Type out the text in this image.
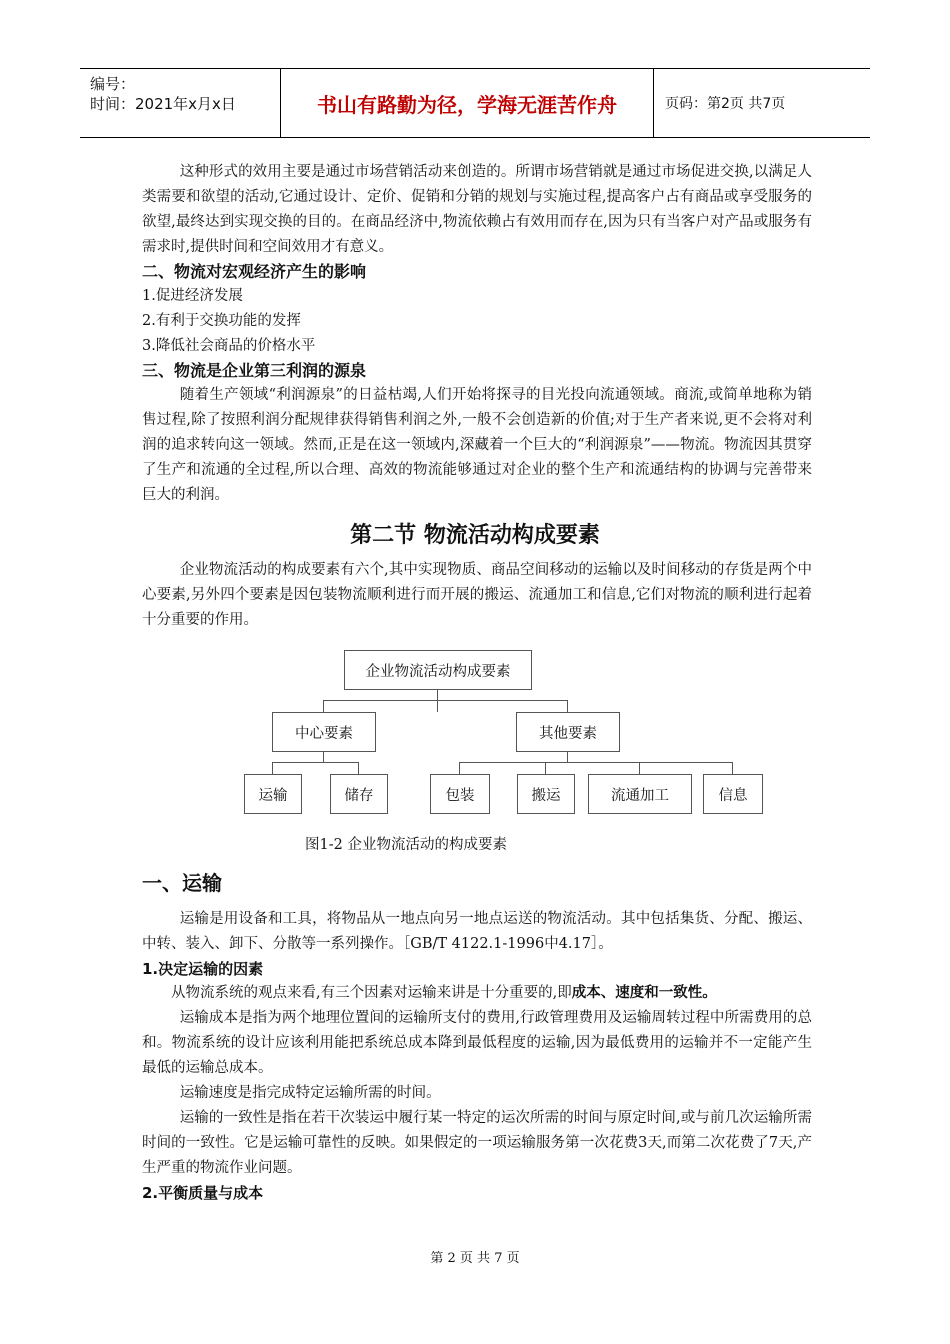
编号：
时间：2021年x月x日	书山有路勤为径，学海无涯苦作舟	页码：第2页 共7页

这种形式的效用主要是通过市场营销活动来创造的。所谓市场营销就是通过市场促进交换,以满足人类需要和欲望的活动,它通过设计、定价、促销和分销的规划与实施过程,提高客户占有商品或享受服务的欲望,最终达到实现交换的目的。在商品经济中,物流依赖占有效用而存在,因为只有当客户对产品或服务有需求时,提供时间和空间效用才有意义。

二、物流对宏观经济产生的影响

1.促进经济发展

2.有利于交换功能的发挥

3.降低社会商品的价格水平

三、物流是企业第三利润的源泉

随着生产领域“利润源泉”的日益枯竭,人们开始将探寻的目光投向流通领域。商流,或简单地称为销售过程,除了按照利润分配规律获得销售利润之外,一般不会创造新的价值;对于生产者来说,更不会将对利润的追求转向这一领域。然而,正是在这一领域内,深藏着一个巨大的“利润源泉”——物流。物流因其贯穿了生产和流通的全过程,所以合理、高效的物流能够通过对企业的整个生产和流通结构的协调与完善带来巨大的利润。

第二节 物流活动构成要素

企业物流活动的构成要素有六个,其中实现物质、商品空间移动的运输以及时间移动的存货是两个中心要素,另外四个要素是因包装物流顺利进行而开展的搬运、流通加工和信息,它们对物流的顺利进行起着十分重要的作用。

企业物流活动构成要素
中心要素	其他要素
运输	储存	包装	搬运	流通加工	信息
图1-2 企业物流活动的构成要素
一、运输

运输是用设备和工具，将物品从一地点向另一地点运送的物流活动。其中包括集货、分配、搬运、中转、装入、卸下、分散等一系列操作。［GB/T 4122.1-1996中4.17］。

1.决定运输的因素

从物流系统的观点来看,有三个因素对运输来讲是十分重要的,即成本、速度和一致性。

运输成本是指为两个地理位置间的运输所支付的费用,行政管理费用及运输周转过程中所需费用的总和。物流系统的设计应该利用能把系统总成本降到最低程度的运输,因为最低费用的运输并不一定能产生最低的运输总成本。

运输速度是指完成特定运输所需的时间。

运输的一致性是指在若干次装运中履行某一特定的运次所需的时间与原定时间,或与前几次运输所需时间的一致性。它是运输可靠性的反映。如果假定的一项运输服务第一次花费3天,而第二次花费了7天,产生严重的物流作业问题。

2.平衡质量与成本

第 2 页 共 7 页
